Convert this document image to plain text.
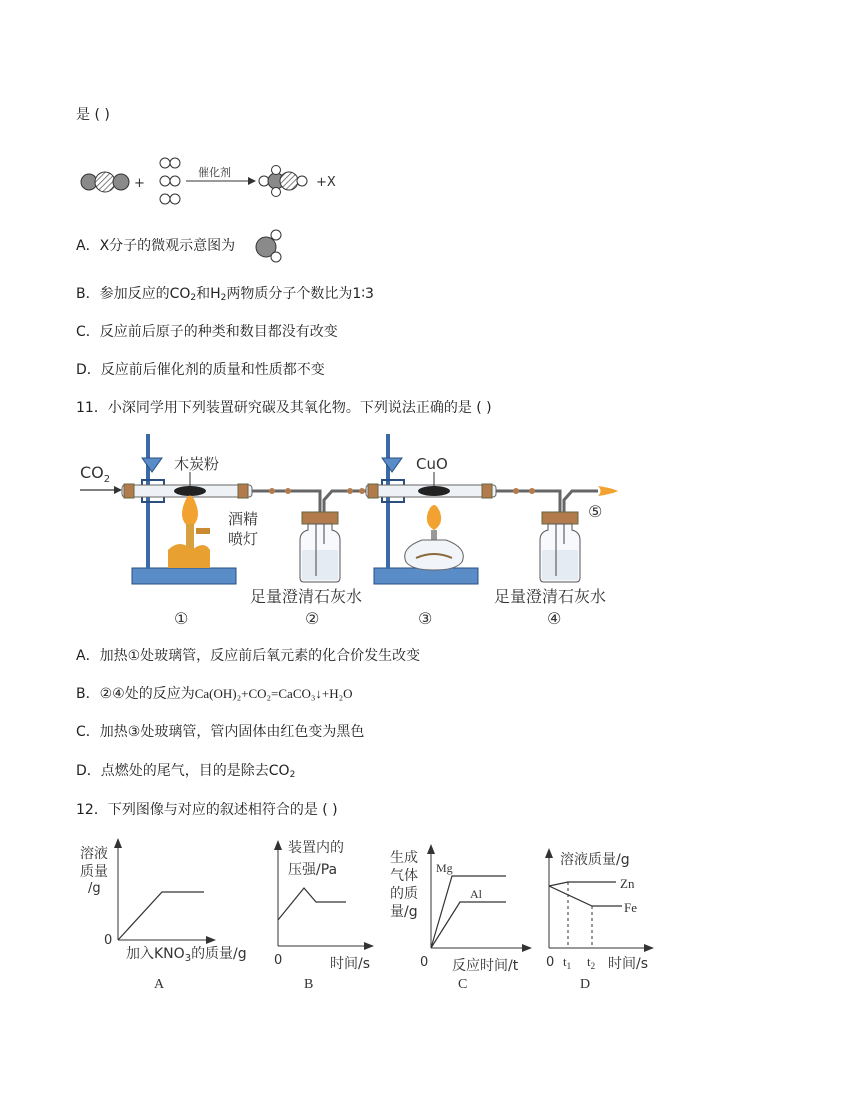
是 ( )
+
催化剂
+X
A．X分子的微观示意图为
B．参加反应的$CO_2$和$H_2$两物质分子个数比为1∶3
C．反应前后原子的种类和数目都没有改变
D．反应前后催化剂的质量和性质都不变
11．小深同学用下列装置研究碳及其氧化物。下列说法正确的是 ( )
$CO_2$
木炭粉
酒精
喷灯
足量澄清石灰水
CuO
足量澄清石灰水
⑤
①	②	③	④
A．加热①处玻璃管，反应前后氧元素的化合价发生改变
B．②④处的反应为Ca(OH)₂+CO₂=CaCO₃↓+H₂O
C．加热③处玻璃管，管内固体由红色变为黑色
D．点燃处的尾气，目的是除去$CO_2$
12．下列图像与对应的叙述相符合的是 ( )
溶液
质量
/g
0
加入$KNO_3$的质量/g
A
装置内的
压强/Pa
0	时间/s
B
生成
气体
的质
量/g
Mg
Al
0 反应时间/t
C
溶液质量/g
Zn
Fe
0 $t_1$ $t_2$ 时间/s
D
